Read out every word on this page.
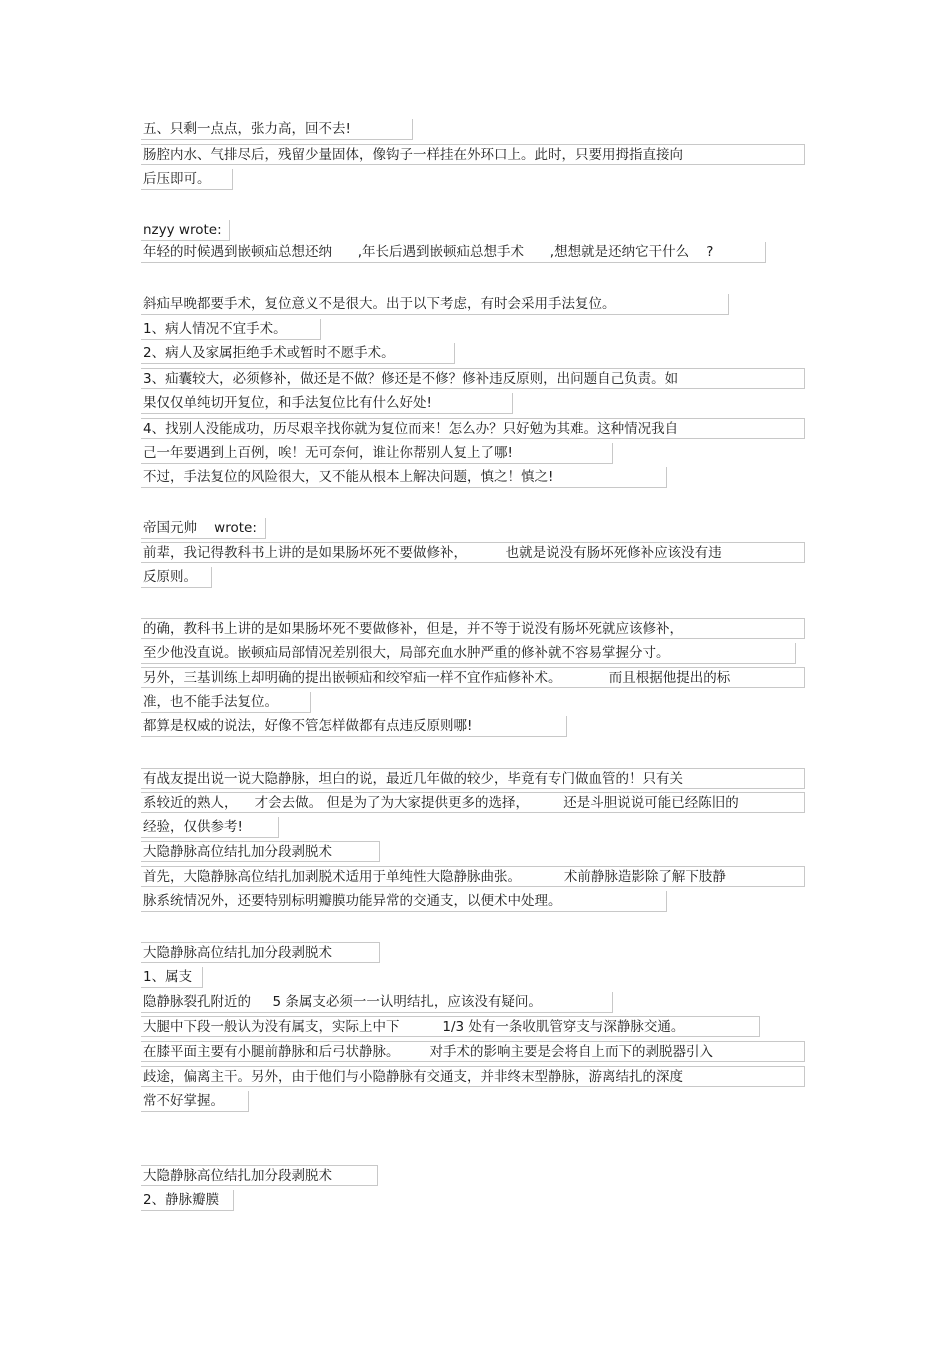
五、只剩一点点，张力高，回不去!
肠腔内水、气排尽后，残留少量固体，像钩子一样挂在外环口上。此时，只要用拇指直接向
后压即可。
nzyy wrote:
年轻的时候遇到嵌顿疝总想还纳      ,年长后遇到嵌顿疝总想手术      ,想想就是还纳它干什么    ?
斜疝早晚都要手术，复位意义不是很大。出于以下考虑，有时会采用手法复位。
1、病人情况不宜手术。
2、病人及家属拒绝手术或暂时不愿手术。
3、疝囊较大，必须修补，做还是不做？修还是不修？修补违反原则，出问题自己负责。如
果仅仅单纯切开复位，和手法复位比有什么好处!
4、找别人没能成功，历尽艰辛找你就为复位而来！怎么办？只好勉为其难。这种情况我自
己一年要遇到上百例，唉！无可奈何，谁让你帮别人复上了哪!
不过，手法复位的风险很大，又不能从根本上解决问题，慎之！慎之!
帝国元帅    wrote:
前辈，我记得教科书上讲的是如果肠坏死不要做修补，         也就是说没有肠坏死修补应该没有违
反原则。
的确，教科书上讲的是如果肠坏死不要做修补，但是，并不等于说没有肠坏死就应该修补，
至少他没直说。嵌顿疝局部情况差别很大，局部充血水肿严重的修补就不容易掌握分寸。
另外，三基训练上却明确的提出嵌顿疝和绞窄疝一样不宜作疝修补术。           而且根据他提出的标
准，也不能手法复位。
都算是权威的说法，好像不管怎样做都有点违反原则哪!
有战友提出说一说大隐静脉，坦白的说，最近几年做的较少，毕竟有专门做血管的！只有关
系较近的熟人，    才会去做。 但是为了为大家提供更多的选择，        还是斗胆说说可能已经陈旧的
经验，仅供参考!
大隐静脉高位结扎加分段剥脱术
首先，大隐静脉高位结扎加剥脱术适用于单纯性大隐静脉曲张。          术前静脉造影除了解下肢静
脉系统情况外，还要特别标明瓣膜功能异常的交通支，以便术中处理。
大隐静脉高位结扎加分段剥脱术
1、属支
隐静脉裂孔附近的     5 条属支必须一一认明结扎，应该没有疑问。
大腿中下段一般认为没有属支，实际上中下          1/3 处有一条收肌管穿支与深静脉交通。
在膝平面主要有小腿前静脉和后弓状静脉。       对手术的影响主要是会将自上而下的剥脱器引入
歧途，偏离主干。另外，由于他们与小隐静脉有交通支，并非终末型静脉，游离结扎的深度
常不好掌握。
大隐静脉高位结扎加分段剥脱术
2、静脉瓣膜
